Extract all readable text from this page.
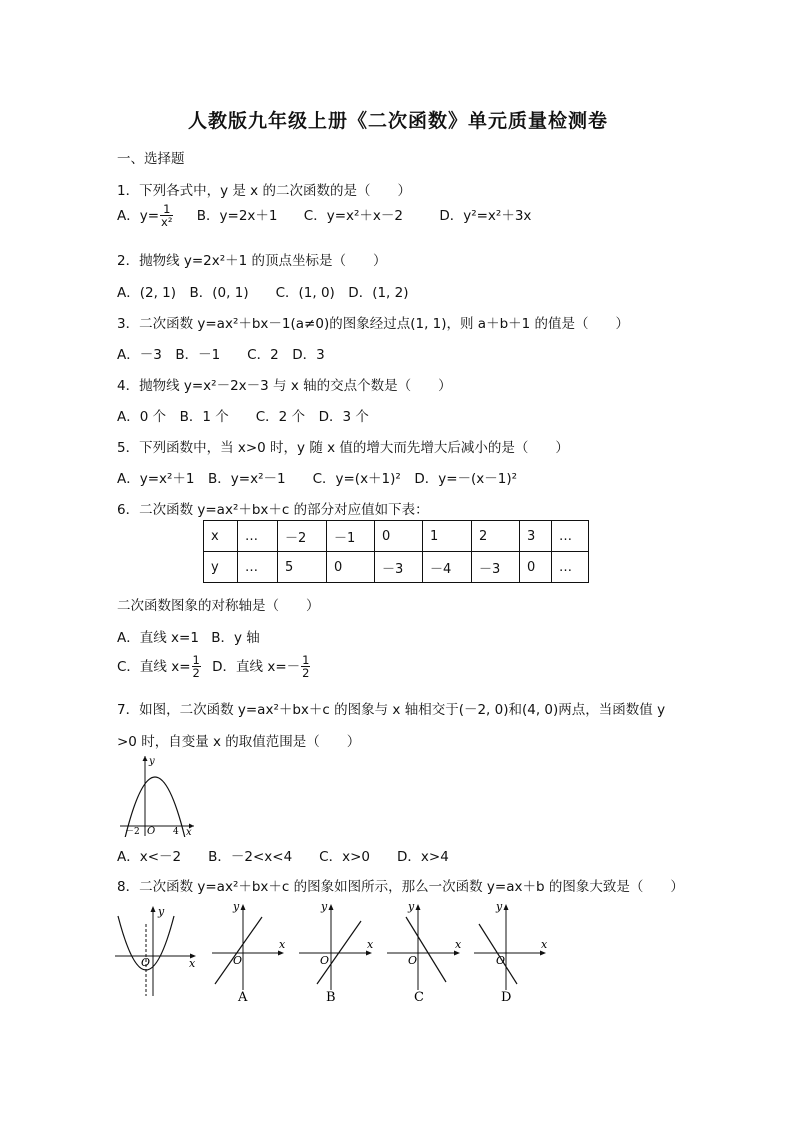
人教版九年级上册《二次函数》单元质量检测卷
一、选择题
1．下列各式中，y 是 x 的二次函数的是（　　）
A．$y= \frac{1}{\text{x²}}$ B．y=2x＋1 C．y=x²＋x－2	D．y²=x²＋3x
2．抛物线 y=2x²＋1 的顶点坐标是（　　）
A．(2, 1)　B．(0, 1)　　C．(1, 0)　D．(1, 2)
3．二次函数 y=ax²＋bx－1(a≠0)的图象经过点(1, 1)，则 a＋b＋1 的值是（　　）
A．－3　B．－1　　C．2　D．3
4．抛物线 y=x²－2x－3 与 x 轴的交点个数是（　　）
A．0 个　B．1 个　　C．2 个　D．3 个
5．下列函数中，当 x>0 时，y 随 x 值的增大而先增大后减小的是（　　）
A．y=x²＋1　B．y=x²－1　　C．y=(x＋1)²　D．y=－(x－1)²
6．二次函数 y=ax²＋bx＋c 的部分对应值如下表：
x	…	－2	－1	0	1	2	3	…
y	…	5	0	－3	－4	－3	0	…
二次函数图象的对称轴是（　　）
A．直线 x=1 B．y 轴
C．直线 $x= \frac{1}{2}$ D．直线 $x=- \frac{1}{2}$
7．如图，二次函数 y=ax²＋bx＋c 的图象与 x 轴相交于(－2, 0)和(4, 0)两点，当函数值 y
>0 时，自变量 x 的取值范围是（　　）
y
x
－2 O 4
A．x<－2　　B．－2<x<4　　C．x>0　　D．x>4
8．二次函数 y=ax²＋bx＋c 的图象如图所示，那么一次函数 y=ax＋b 的图象大致是（　　）
y
x
O
y
x
O
A
y
x
O
B
y
x
O
C
y
x
O
D
